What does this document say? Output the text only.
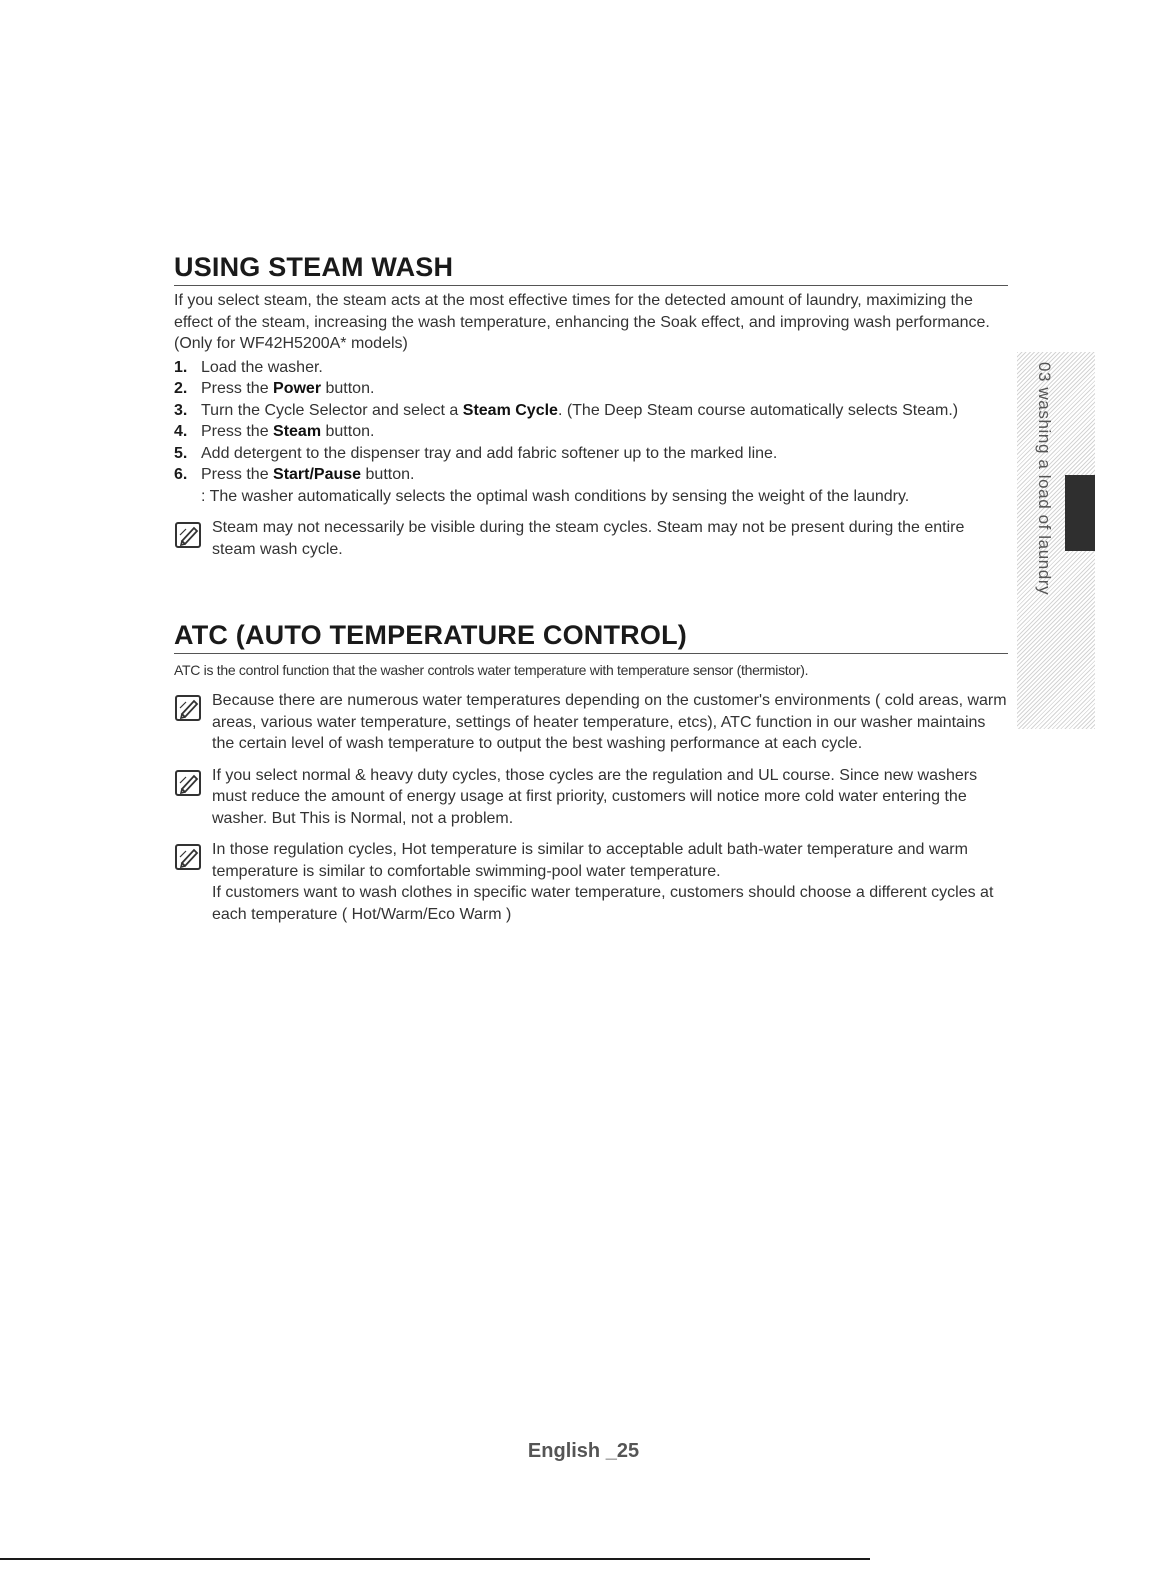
USING STEAM WASH

If you select steam, the steam acts at the most effective times for the detected amount of laundry, maximizing the effect of the steam, increasing the wash temperature, enhancing the Soak effect, and improving wash performance. (Only for WF42H5200A* models)

1. Load the washer.
2. Press the Power button.
3. Turn the Cycle Selector and select a Steam Cycle. (The Deep Steam course automatically selects Steam.)
4. Press the Steam button.
5. Add detergent to the dispenser tray and add fabric softener up to the marked line.
6. Press the Start/Pause button.
: The washer automatically selects the optimal wash conditions by sensing the weight of the laundry.
Steam may not necessarily be visible during the steam cycles. Steam may not be present during the entire steam wash cycle.
ATC (AUTO TEMPERATURE CONTROL)

ATC is the control function that the washer controls water temperature with temperature sensor (thermistor).

Because there are numerous water temperatures depending on the customer's environments ( cold areas, warm areas, various water temperature, settings of heater temperature, etcs), ATC function in our washer maintains the certain level of wash temperature to output the best washing performance at each cycle.
If you select normal & heavy duty cycles, those cycles are the regulation and UL course. Since new washers must reduce the amount of energy usage at first priority, customers will notice more cold water entering the washer. But This is Normal, not a problem.
In those regulation cycles, Hot temperature is similar to acceptable adult bath-water temperature and warm temperature is similar to comfortable swimming-pool water temperature.
If customers want to wash clothes in specific water temperature, customers should choose a different cycles at each temperature ( Hot/Warm/Eco Warm )
03 washing a load of laundry
English _25
